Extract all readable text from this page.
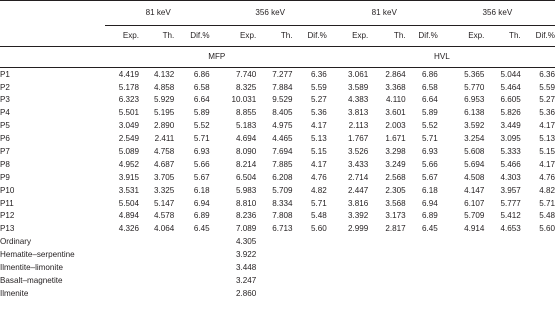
	81 keV			356 keV			81 keV			356 keV		
	Exp.	Th.	Dif.%	Exp.	Th.	Dif.%	Exp.	Th.	Dif.%	Exp.	Th.	Dif.%
	MFP						HVL					
P1	4.419	4.132	6.86	7.740	7.277	6.36	3.061	2.864	6.86	5.365	5.044	6.36
P2	5.178	4.858	6.58	8.325	7.884	5.59	3.589	3.368	6.58	5.770	5.464	5.59
P3	6.323	5.929	6.64	10.031	9.529	5.27	4.383	4.110	6.64	6.953	6.605	5.27
P4	5.501	5.195	5.89	8.855	8.405	5.36	3.813	3.601	5.89	6.138	5.826	5.36
P5	3.049	2.890	5.52	5.183	4.975	4.17	2.113	2.003	5.52	3.592	3.449	4.17
P6	2.549	2.411	5.71	4.694	4.465	5.13	1.767	1.671	5.71	3.254	3.095	5.13
P7	5.089	4.758	6.93	8.090	7.694	5.15	3.526	3.298	6.93	5.608	5.333	5.15
P8	4.952	4.687	5.66	8.214	7.885	4.17	3.433	3.249	5.66	5.694	5.466	4.17
P9	3.915	3.705	5.67	6.504	6.208	4.76	2.714	2.568	5.67	4.508	4.303	4.76
P10	3.531	3.325	6.18	5.983	5.709	4.82	2.447	2.305	6.18	4.147	3.957	4.82
P11	5.504	5.147	6.94	8.810	8.334	5.71	3.816	3.568	6.94	6.107	5.777	5.71
P12	4.894	4.578	6.89	8.236	7.808	5.48	3.392	3.173	6.89	5.709	5.412	5.48
P13	4.326	4.064	6.45	7.089	6.713	5.60	2.999	2.817	6.45	4.914	4.653	5.60
Ordinary				4.305								
Hematite–serpentine				3.922								
Ilmentite–limonite				3.448								
Basalt–magnetite				3.247								
Ilmenite				2.860								
